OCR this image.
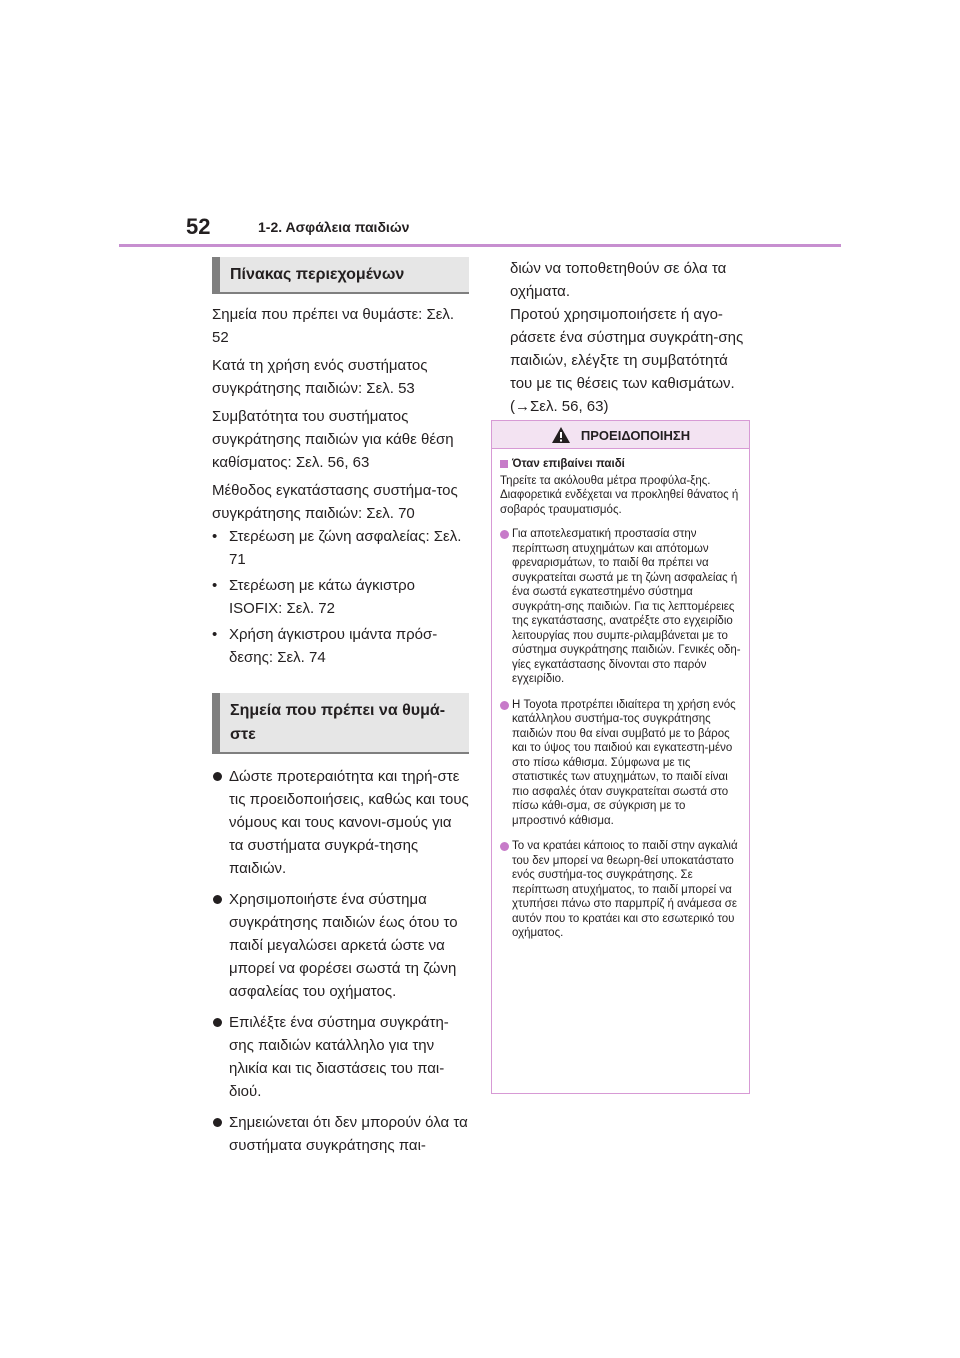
52	1-2. Ασφάλεια παιδιών
Πίνακας περιεχομένων
Σημεία που πρέπει να θυμάστε: Σελ. 52
Κατά τη χρήση ενός συστήματος συγκράτησης παιδιών: Σελ. 53
Συμβατότητα του συστήματος συγκράτησης παιδιών για κάθε θέση καθίσματος: Σελ. 56, 63
Μέθοδος εγκατάστασης συστήμα-τος συγκράτησης παιδιών: Σελ. 70
• Στερέωση με ζώνη ασφαλείας: Σελ. 71
• Στερέωση με κάτω άγκιστρο ISOFIX: Σελ. 72
• Χρήση άγκιστρου ιμάντα πρόσ-δεσης: Σελ. 74
Σημεία που πρέπει να θυμά-στε
Δώστε προτεραιότητα και τηρή-στε τις προειδοποιήσεις, καθώς και τους νόμους και τους κανονι-σμούς για τα συστήματα συγκρά-τησης παιδιών.
Χρησιμοποιήστε ένα σύστημα συγκράτησης παιδιών έως ότου το παιδί μεγαλώσει αρκετά ώστε να μπορεί να φορέσει σωστά τη ζώνη ασφαλείας του οχήματος.
Επιλέξτε ένα σύστημα συγκράτη-σης παιδιών κατάλληλο για την ηλικία και τις διαστάσεις του παι-διού.
Σημειώνεται ότι δεν μπορούν όλα τα συστήματα συγκράτησης παι-

διών να τοποθετηθούν σε όλα τα οχήματα.

Προτού χρησιμοποιήσετε ή αγο-ράσετε ένα σύστημα συγκράτη-σης παιδιών, ελέγξτε τη συμβατότητά του με τις θέσεις των καθισμάτων. (→Σελ. 56, 63)

ΠΡΟΕΙΔΟΠΟΙΗΣΗ
Όταν επιβαίνει παιδί

Τηρείτε τα ακόλουθα μέτρα προφύλα-ξης. Διαφορετικά ενδέχεται να προκληθεί θάνατος ή σοβαρός τραυματισμός.

Για αποτελεσματική προστασία στην περίπτωση ατυχημάτων και απότομων φρεναρισμάτων, το παιδί θα πρέπει να συγκρατείται σωστά με τη ζώνη ασφαλείας ή ένα σωστά εγκατεστημένο σύστημα συγκράτη-σης παιδιών. Για τις λεπτομέρειες της εγκατάστασης, ανατρέξτε στο εγχειρίδιο λειτουργίας που συμπε-ριλαμβάνεται με το σύστημα συγκράτησης παιδιών. Γενικές οδη-γίες εγκατάστασης δίνονται στο παρόν εγχειρίδιο.
Η Toyota προτρέπει ιδιαίτερα τη χρήση ενός κατάλληλου συστήμα-τος συγκράτησης παιδιών που θα είναι συμβατό με το βάρος και το ύψος του παιδιού και εγκατεστη-μένο στο πίσω κάθισμα. Σύμφωνα με τις στατιστικές των ατυχημάτων, το παιδί είναι πιο ασφαλές όταν συγκρατείται σωστά στο πίσω κάθι-σμα, σε σύγκριση με το μπροστινό κάθισμα.
Το να κρατάει κάποιος το παιδί στην αγκαλιά του δεν μπορεί να θεωρη-θεί υποκατάστατο ενός συστήμα-τος συγκράτησης. Σε περίπτωση ατυχήματος, το παιδί μπορεί να χτυπήσει πάνω στο παρμπρίζ ή ανάμεσα σε αυτόν που το κρατάει και στο εσωτερικό του οχήματος.
